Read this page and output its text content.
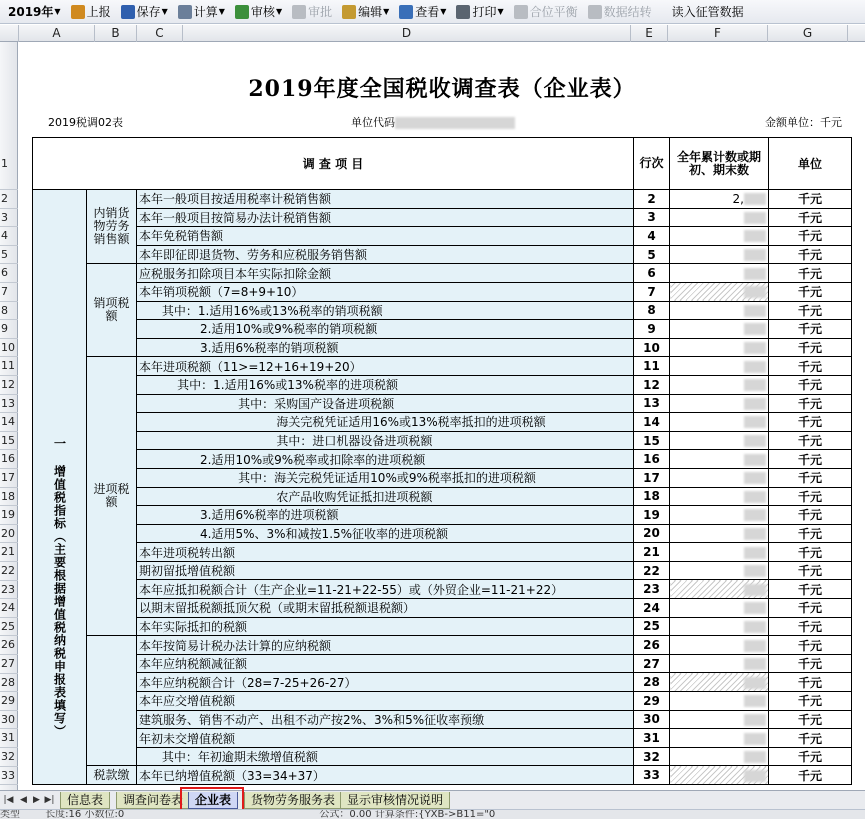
2019年 ▼ 上报 保存 ▼ 计算 ▼ 审核 ▼ 审批 编辑 ▼ 查看 ▼ 打印 ▼ 合位平衡 数据结转 读入征管数据
A	B	C	D	E	F	G
1
2
3
4
5
6
7
8
9
10
11
12
13
14
15
16
17
18
19
20
21
22
23
24
25
26
27
28
29
30
31
32
33
2019年度全国税收调查表（企业表）
2019税调02表	单位代码	金额单位：千元
调 查 项 目			行次	全年累计数或期初、期末数	单位

一 增值税指标（主要根据增值税纳税申报表填写）	内销货物劳务销售额	本年一般项目按适用税率计税销售额	2	2,	千元
		本年一般项目按简易办法计税销售额	3		千元
		本年免税销售额	4		千元
		本年即征即退货物、劳务和应税服务销售额	5		千元

	销项税额	应税服务扣除项目本年实际扣除金额	6		千元
		本年销项税额（7=8+9+10）	7		千元
		其中：1.适用16%或13%税率的销项税额	8		千元
		2.适用10%或9%税率的销项税额	9		千元
		3.适用6%税率的销项税额	10		千元

	进项税额	本年进项税额（11>=12+16+19+20）	11		千元
		其中：1.适用16%或13%税率的进项税额	12		千元
		其中：采购国产设备进项税额	13		千元
		海关完税凭证适用16%或13%税率抵扣的进项税额	14		千元
		其中：进口机器设备进项税额	15		千元
		2.适用10%或9%税率或扣除率的进项税额	16		千元
		其中：海关完税凭证适用10%或9%税率抵扣的进项税额	17		千元
		农产品收购凭证抵扣进项税额	18		千元
		3.适用6%税率的进项税额	19		千元
		4.适用5%、3%和减按1.5%征收率的进项税额	20		千元
		本年进项税转出额	21		千元
		期初留抵增值税额	22		千元
		本年应抵扣税额合计（生产企业=11-21+22-55）或（外贸企业=11-21+22）	23		千元
		以期末留抵税额抵顶欠税（或期末留抵税额退税额）	24		千元
		本年实际抵扣的税额	25		千元

		本年按简易计税办法计算的应纳税额	26		千元
		本年应纳税额减征额	27		千元
		本年应纳税额合计（28=7-25+26-27）	28		千元
		本年应交增值税额	29		千元
		建筑服务、销售不动产、出租不动产按2%、3%和5%征收率预缴	30		千元
		年初未交增值税额	31		千元
		其中：年初逾期未缴增值税额	32		千元

	税款缴	本年已纳增值税额（33=34+37）	33		千元
|◀ ◀ ▶ ▶|	信息表	调查问卷表 企业表	货物劳务服务表 显示审核情况说明
类型	长度:16 小数位:0	公式：0.00 计算条件:{YXB->B11="0
